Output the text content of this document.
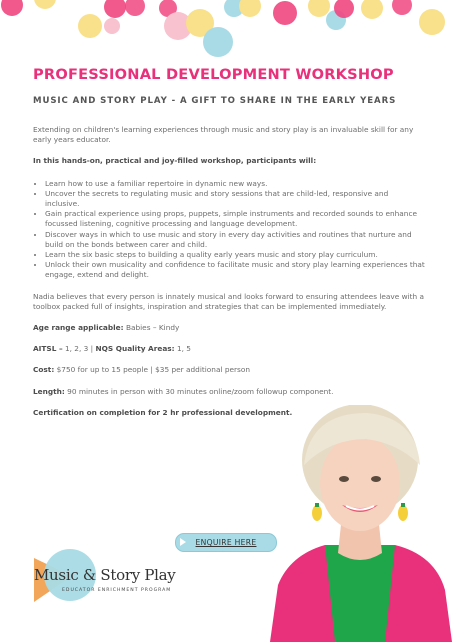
PROFESSIONAL DEVELOPMENT WORKSHOP
MUSIC AND STORY PLAY - A GIFT TO SHARE IN THE EARLY YEARS

Extending on children's learning experiences through music and story play is an invaluable skill for any early years educator.

In this hands-on, practical and joy-filled workshop, participants will:

• Learn how to use a familiar repertoire in dynamic new ways.
• Uncover the secrets to regulating music and story sessions that are child-led, responsive and inclusive.
• Gain practical experience using props, puppets, simple instruments and recorded sounds to enhance focussed listening, cognitive processing and language development.
• Discover ways in which to use music and story in every day activities and routines that nurture and build on the bonds between carer and child.
• Learn the six basic steps to building a quality early years music and story play curriculum.
• Unlock their own musicality and confidence to facilitate music and story play learning experiences that engage, extend and delight.

Nadia believes that every person is innately musical and looks forward to ensuring attendees leave with a toolbox packed full of insights, inspiration and strategies that can be implemented immediately.

Age range applicable: Babies – Kindy

AITSL – 1, 2, 3 | NQS Quality Areas: 1, 5

Cost: $750 for up to 15 people | $35 per additional person

Length: 90 minutes in person with 30 minutes online/zoom followup component.

Certification on completion for 2 hr professional development.

ENQUIRE HERE
Music & Story Play
EDUCATOR ENRICHMENT PROGRAM
